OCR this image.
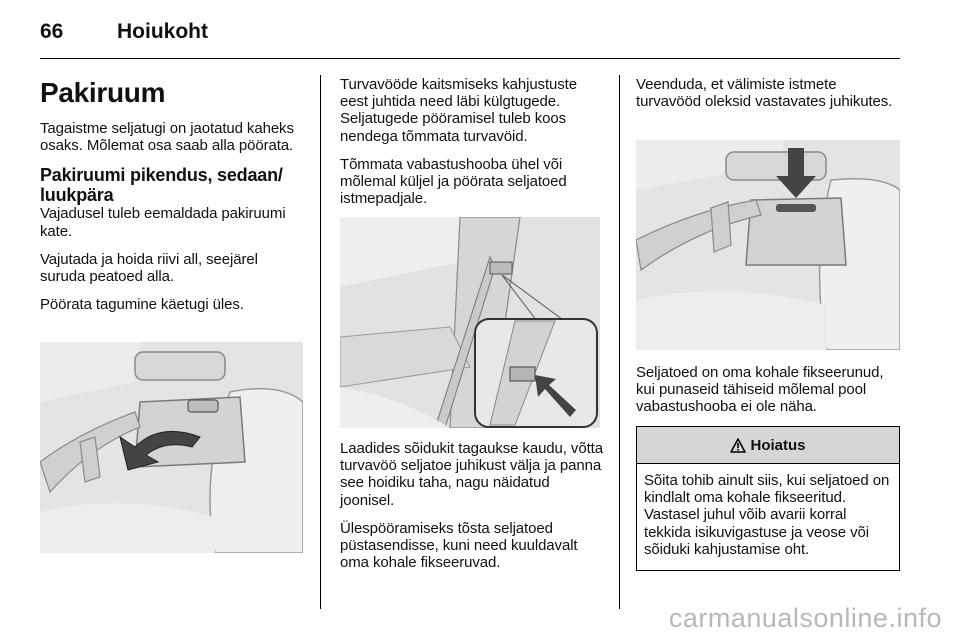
66	Hoiukoht
Pakiruum

Tagaistme seljatugi on jaotatud kaheks osaks. Mõlemat osa saab alla pöörata.

Pakiruumi pikendus, sedaan/ luukpära

Vajadusel tuleb eemaldada pakiruumi kate.

Vajutada ja hoida riivi all, seejärel suruda peatoed alla.

Pöörata tagumine käetugi üles.

Turvavööde kaitsmiseks kahjustuste eest juhtida need läbi külgtugede. Seljatugede pööramisel tuleb koos nendega tõmmata turvavöid.

Tõmmata vabastushooba ühel või mõlemal küljel ja pöörata seljatoed istmepadjale.

Laadides sõidukit tagaukse kaudu, võtta turvavöö seljatoe juhikust välja ja panna see hoidiku taha, nagu näidatud joonisel.

Ülespööramiseks tõsta seljatoed püstasendisse, kuni need kuuldavalt oma kohale fikseeruvad.

Veenduda, et välimiste istmete turvavööd oleksid vastavates juhikutes.

Seljatoed on oma kohale fikseerunud, kui punaseid tähiseid mõlemal pool vabastushoobа ei ole näha.

Hoiatus
Sõita tohib ainult siis, kui seljatoed on kindlalt oma kohale fikseeritud. Vastasel juhul võib avarii korral tekkida isikuvigastuse ja veose või sõiduki kahjustamise oht.
carmanualsonline.info
